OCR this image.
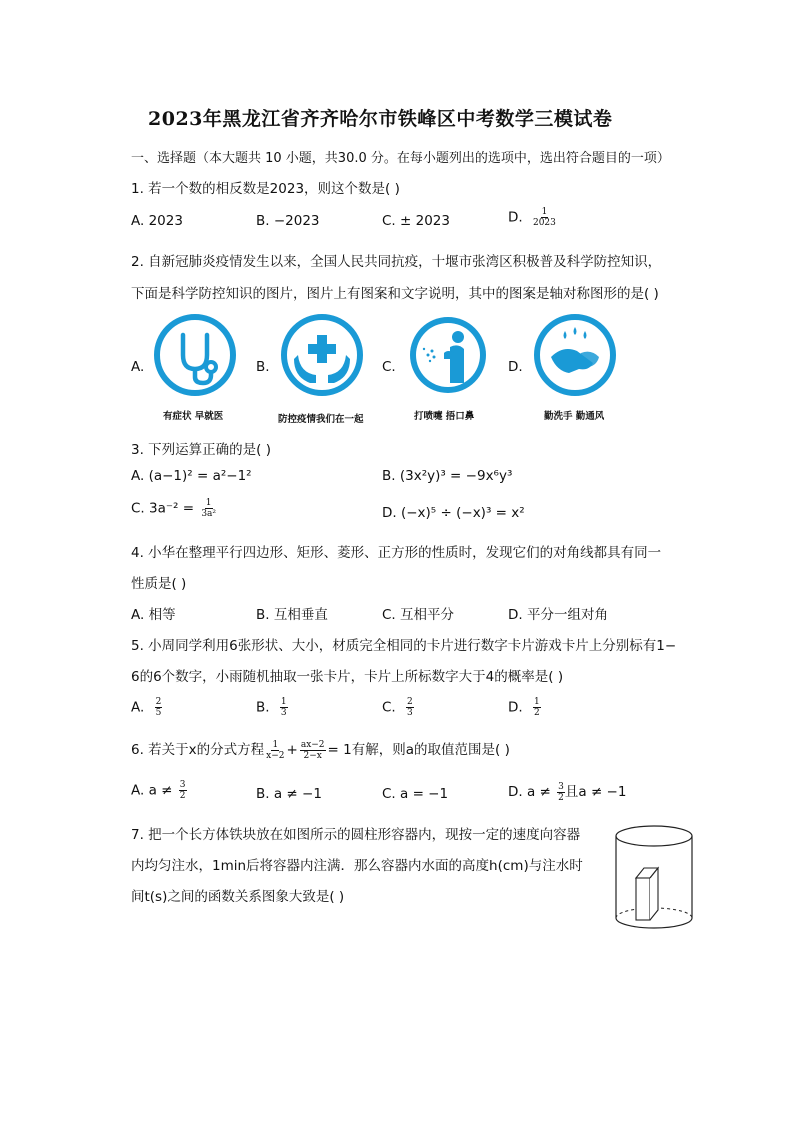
2023年黑龙江省齐齐哈尔市铁峰区中考数学三模试卷
一、选择题（本大题共 10 小题，共30.0 分。在每小题列出的选项中，选出符合题目的一项）
1. 若一个数的相反数是2023，则这个数是( )
A. 2023	B. −2023	C. ± 2023	D. $\frac{1}{2023}$
2. 自新冠肺炎疫情发生以来，全国人民共同抗疫，十堰市张湾区积极普及科学防控知识，
下面是科学防控知识的图片，图片上有图案和文字说明，其中的图案是轴对称图形的是( )
A.	B.	C.	D.
有症状 早就医	防控疫情我们在一起	打喷嚏 捂口鼻	勤洗手 勤通风
3. 下列运算正确的是( )
A. (a−1)² = a²−1²	B. (3x²y)³ = −9x⁶y³
C. $3a^{-2} = \frac{1}{\text{3a²}}$	D. (−x)⁵ ÷ (−x)³ = x²
4. 小华在整理平行四边形、矩形、菱形、正方形的性质时，发现它们的对角线都具有同一
性质是( )
A. 相等	B. 互相垂直	C. 互相平分	D. 平分一组对角
5. 小周同学利用6张形状、大小，材质完全相同的卡片进行数字卡片游戏卡片上分别标有1−
6的6个数字，小雨随机抽取一张卡片，卡片上所标数字大于4的概率是( )
A. $\frac{2}{5}$	B. $\frac{1}{3}$	C. $\frac{2}{3}$	D. $\frac{1}{2}$
6. 若关于x的分式方程 $\frac{1}{x-2} + \frac{ax-2}{2-x} = 1$有解，则a的取值范围是( )
A. $a \ne \frac{3}{2}$	B. a ≠ −1	C. a = −1	D. $a \ne \frac{3}{2}$ 且a ≠ −1
7. 把一个长方体铁块放在如图所示的圆柱形容器内，现按一定的速度向容器
内均匀注水，1min后将容器内注满．那么容器内水面的高度h(cm)与注水时
间t(s)之间的函数关系图象大致是( )
